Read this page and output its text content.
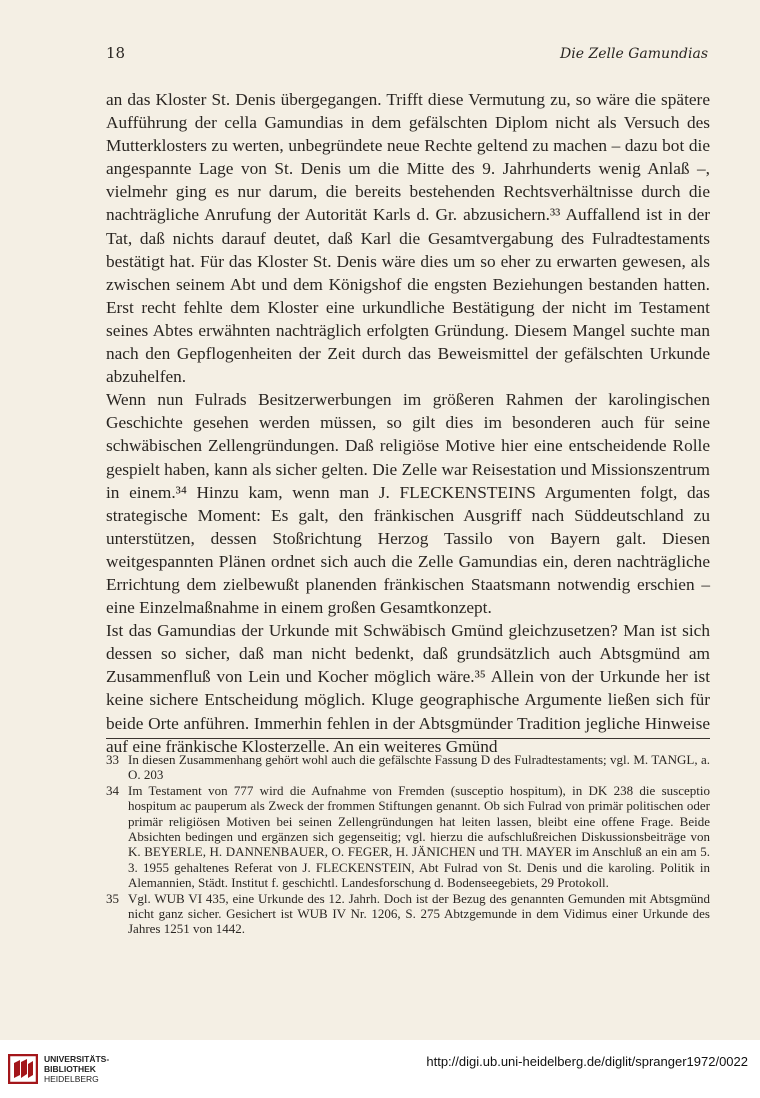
18	Die Zelle Gamundias

an das Kloster St. Denis übergegangen. Trifft diese Vermutung zu, so wäre die spätere Aufführung der cella Gamundias in dem gefälschten Diplom nicht als Versuch des Mutterklosters zu werten, unbegründete neue Rechte geltend zu machen – dazu bot die angespannte Lage von St. Denis um die Mitte des 9. Jahrhunderts wenig Anlaß –, vielmehr ging es nur darum, die bereits bestehenden Rechtsverhältnisse durch die nachträgliche Anrufung der Autorität Karls d. Gr. abzusichern.³³ Auffallend ist in der Tat, daß nichts darauf deutet, daß Karl die Gesamtvergabung des Fulradtestaments bestätigt hat. Für das Kloster St. Denis wäre dies um so eher zu erwarten gewesen, als zwischen seinem Abt und dem Königshof die engsten Beziehungen bestanden hatten. Erst recht fehlte dem Kloster eine urkundliche Bestätigung der nicht im Testament seines Abtes erwähnten nachträglich erfolgten Gründung. Diesem Mangel suchte man nach den Gepflogenheiten der Zeit durch das Beweismittel der gefälschten Urkunde abzuhelfen.

Wenn nun Fulrads Besitzerwerbungen im größeren Rahmen der karolingischen Geschichte gesehen werden müssen, so gilt dies im besonderen auch für seine schwäbischen Zellengründungen. Daß religiöse Motive hier eine entscheidende Rolle gespielt haben, kann als sicher gelten. Die Zelle war Reisestation und Missionszentrum in einem.³⁴ Hinzu kam, wenn man J. FLECKENSTEINS Argumenten folgt, das strategische Moment: Es galt, den fränkischen Ausgriff nach Süddeutschland zu unterstützen, dessen Stoßrichtung Herzog Tassilo von Bayern galt. Diesen weitgespannten Plänen ordnet sich auch die Zelle Gamundias ein, deren nachträgliche Errichtung dem zielbewußt planenden fränkischen Staatsmann notwendig erschien – eine Einzelmaßnahme in einem großen Gesamtkonzept.

Ist das Gamundias der Urkunde mit Schwäbisch Gmünd gleichzusetzen? Man ist sich dessen so sicher, daß man nicht bedenkt, daß grundsätzlich auch Abtsgmünd am Zusammenfluß von Lein und Kocher möglich wäre.³⁵ Allein von der Urkunde her ist keine sichere Entscheidung möglich. Kluge geographische Argumente ließen sich für beide Orte anführen. Immerhin fehlen in der Abtsgmünder Tradition jegliche Hinweise auf eine fränkische Klosterzelle. An ein weiteres Gmünd

33 In diesen Zusammenhang gehört wohl auch die gefälschte Fassung D des Fulradtestaments; vgl. M. TANGL, a. O. 203
34 Im Testament von 777 wird die Aufnahme von Fremden (susceptio hospitum), in DK 238 die susceptio hospitum ac pauperum als Zweck der frommen Stiftungen genannt. Ob sich Fulrad von primär politischen oder primär religiösen Motiven bei seinen Zellengründungen hat leiten lassen, bleibt eine offene Frage. Beide Absichten bedingen und ergänzen sich gegenseitig; vgl. hierzu die aufschlußreichen Diskussionsbeiträge von K. BEYERLE, H. DANNENBAUER, O. FEGER, H. JÄNICHEN und TH. MAYER im Anschluß an ein am 5. 3. 1955 gehaltenes Referat von J. FLECKENSTEIN, Abt Fulrad von St. Denis und die karoling. Politik in Alemannien, Städt. Institut f. geschichtl. Landesforschung d. Bodenseegebiets, 29 Protokoll.
35 Vgl. WUB VI 435, eine Urkunde des 12. Jahrh. Doch ist der Bezug des genannten Gemunden mit Abtsgmünd nicht ganz sicher. Gesichert ist WUB IV Nr. 1206, S. 275 Abtzgemunde in dem Vidimus einer Urkunde des Jahres 1251 von 1442.
UNIVERSITÄTS-
BIBLIOTHEK
HEIDELBERG
http://digi.ub.uni-heidelberg.de/diglit/spranger1972/0022
